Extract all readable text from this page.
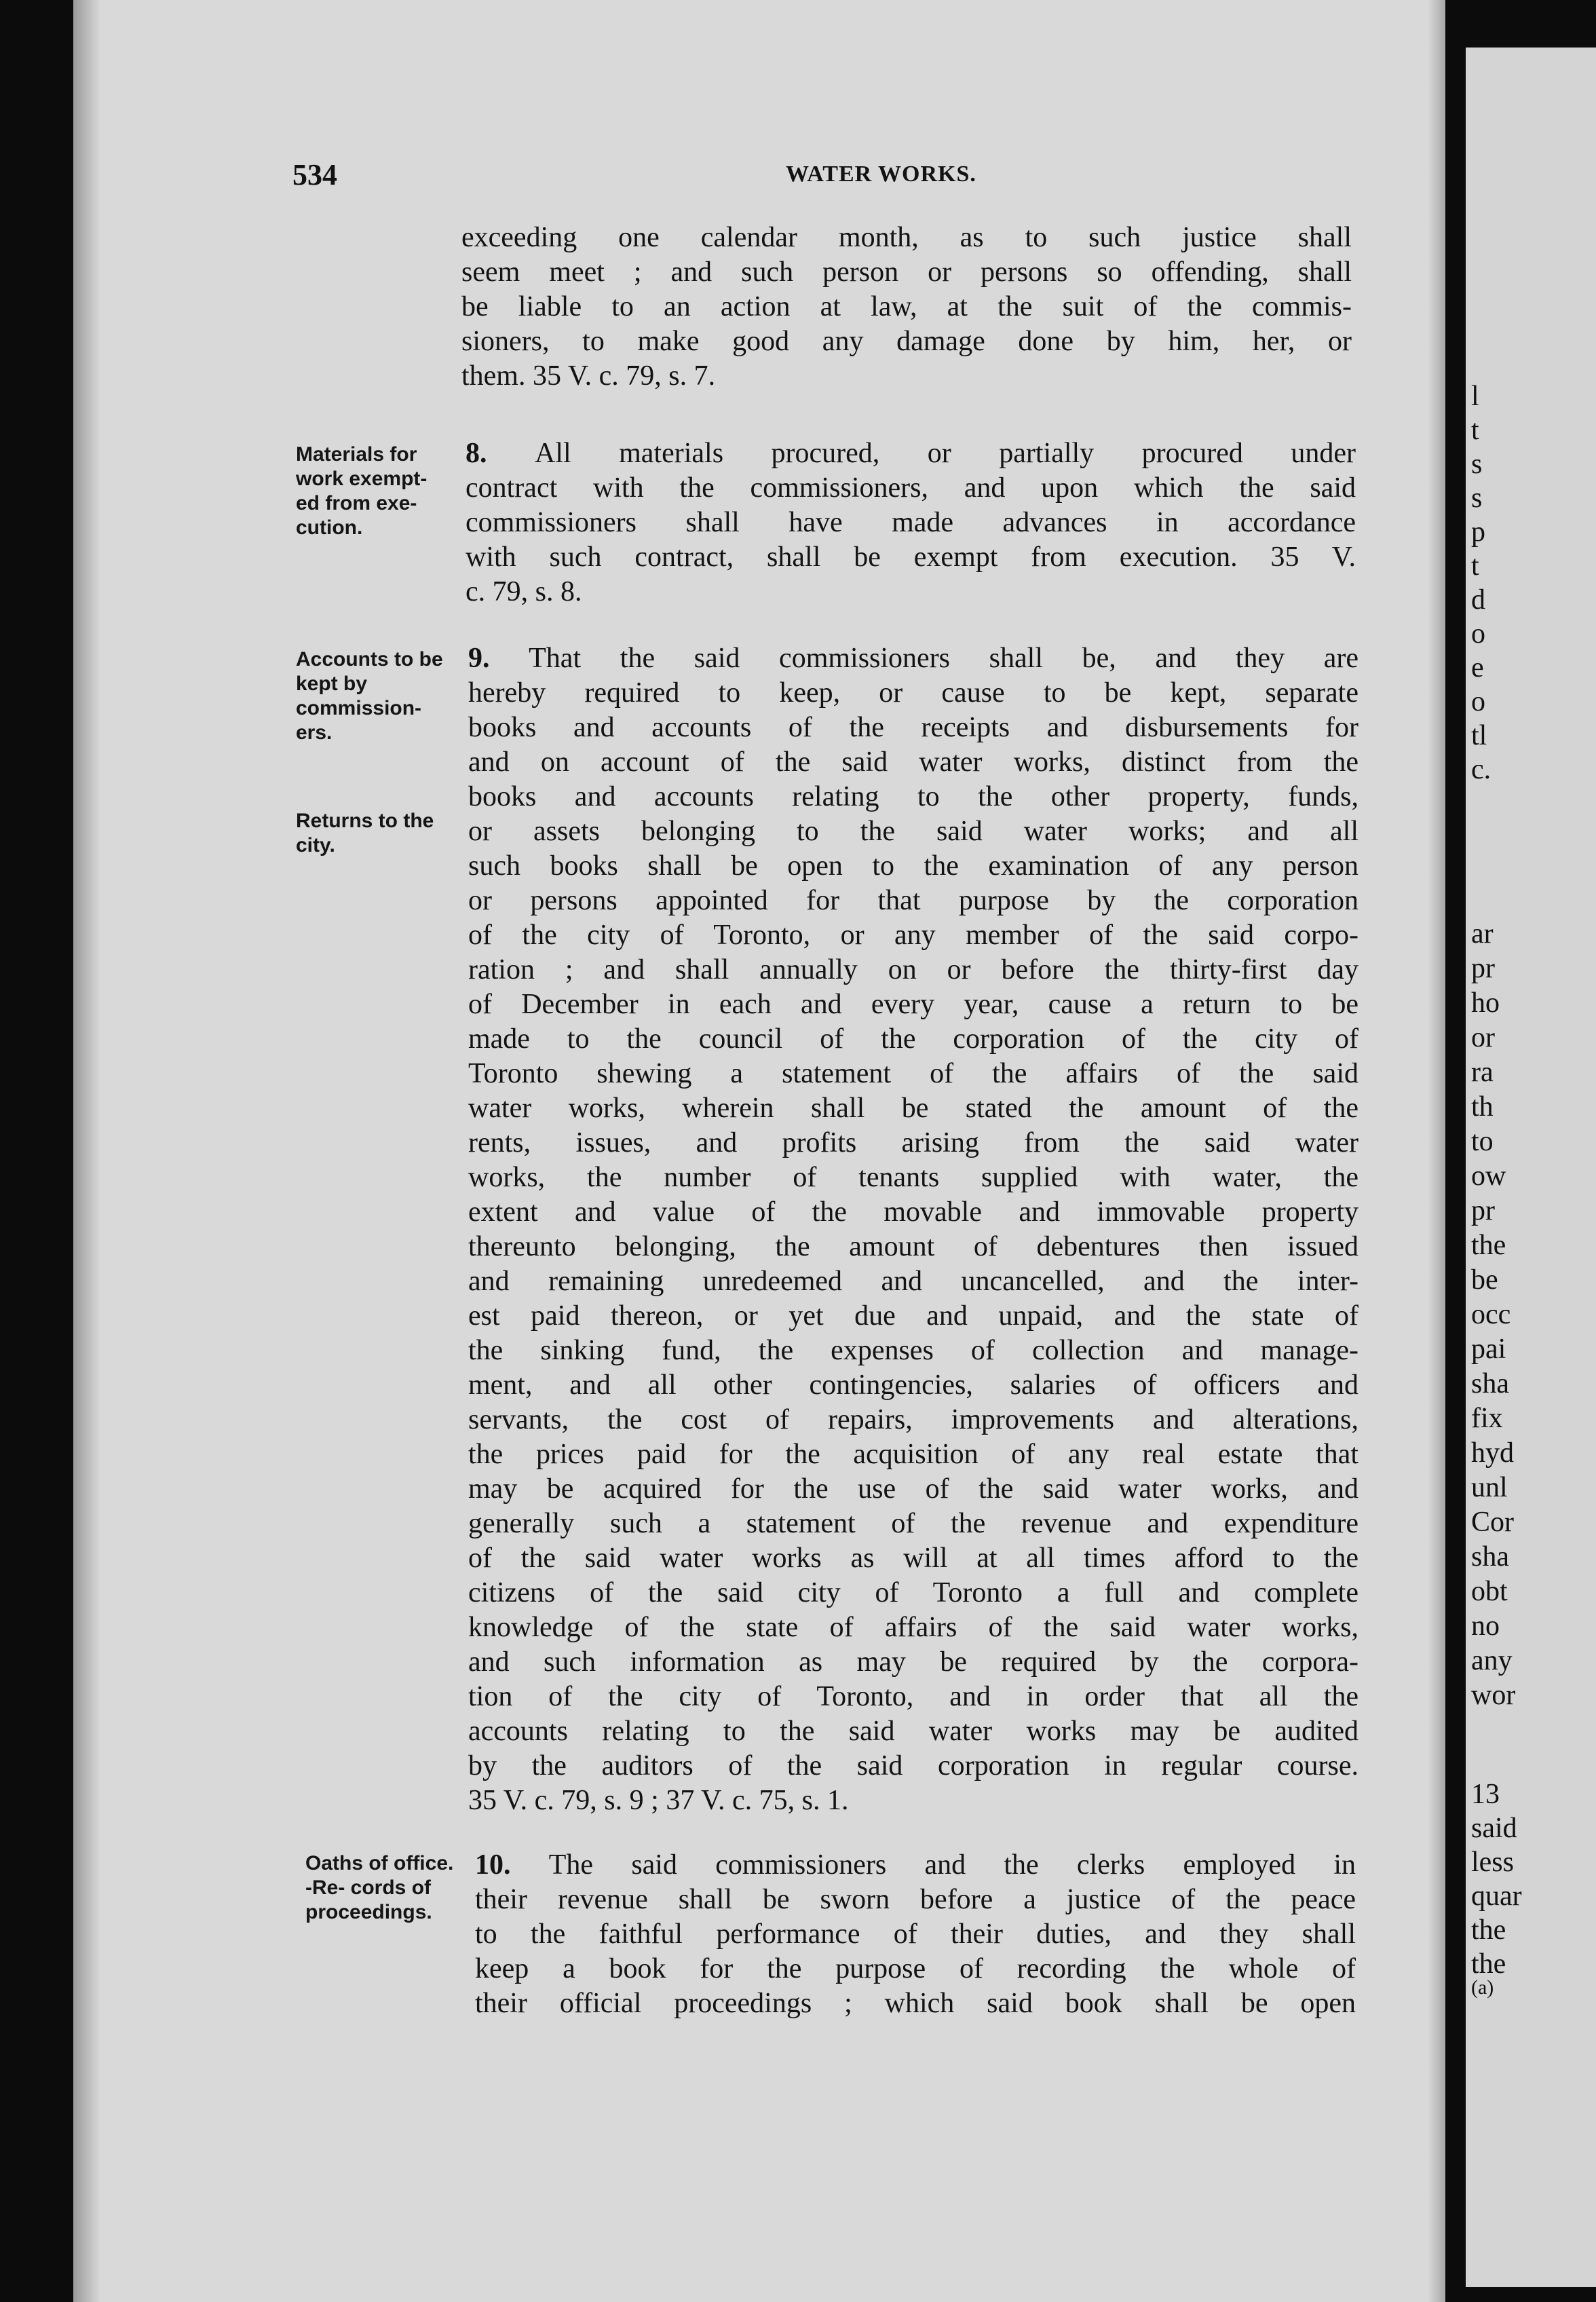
534	WATER WORKS.
exceeding one calendar month, as to such justice shall
seem meet ; and such person or persons so offending, shall
be liable to an action at law, at the suit of the commis-
sioners, to make good any damage done by him, her, or
them. 35 V. c. 79, s. 7.
Materials for work exempt- ed from exe- cution.
8. All materials procured, or partially procured under
contract with the commissioners, and upon which the said
commissioners shall have made advances in accordance
with such contract, shall be exempt from execution. 35 V.
c. 79, s. 8.
Accounts to be kept by commission- ers.
Returns to the city.
9. That the said commissioners shall be, and they are
hereby required to keep, or cause to be kept, separate
books and accounts of the receipts and disbursements for
and on account of the said water works, distinct from the
books and accounts relating to the other property, funds,
or assets belonging to the said water works; and all
such books shall be open to the examination of any person
or persons appointed for that purpose by the corporation
of the city of Toronto, or any member of the said corpo-
ration ; and shall annually on or before the thirty-first day
of December in each and every year, cause a return to be
made to the council of the corporation of the city of
Toronto shewing a statement of the affairs of the said
water works, wherein shall be stated the amount of the
rents, issues, and profits arising from the said water
works, the number of tenants supplied with water, the
extent and value of the movable and immovable property
thereunto belonging, the amount of debentures then issued
and remaining unredeemed and uncancelled, and the inter-
est paid thereon, or yet due and unpaid, and the state of
the sinking fund, the expenses of collection and manage-
ment, and all other contingencies, salaries of officers and
servants, the cost of repairs, improvements and alterations,
the prices paid for the acquisition of any real estate that
may be acquired for the use of the said water works, and
generally such a statement of the revenue and expenditure
of the said water works as will at all times afford to the
citizens of the said city of Toronto a full and complete
knowledge of the state of affairs of the said water works,
and such information as may be required by the corpora-
tion of the city of Toronto, and in order that all the
accounts relating to the said water works may be audited
by the auditors of the said corporation in regular course.
35 V. c. 79, s. 9 ; 37 V. c. 75, s. 1.
Oaths of office. -Re- cords of proceedings.
10. The said commissioners and the clerks employed in
their revenue shall be sworn before a justice of the peace
to the faithful performance of their duties, and they shall
keep a book for the purpose of recording the whole of
their official proceedings ; which said book shall be open
l
t
s
s
p
t
d
o
e
o
tl
c.
ar
pr
ho
or
ra
th
to
ow
pr
the
be
occ
pai
sha
fix
hyd
unl
Cor
sha
obt
no
any
wor
13
said
less
quar
the
the
(a)
